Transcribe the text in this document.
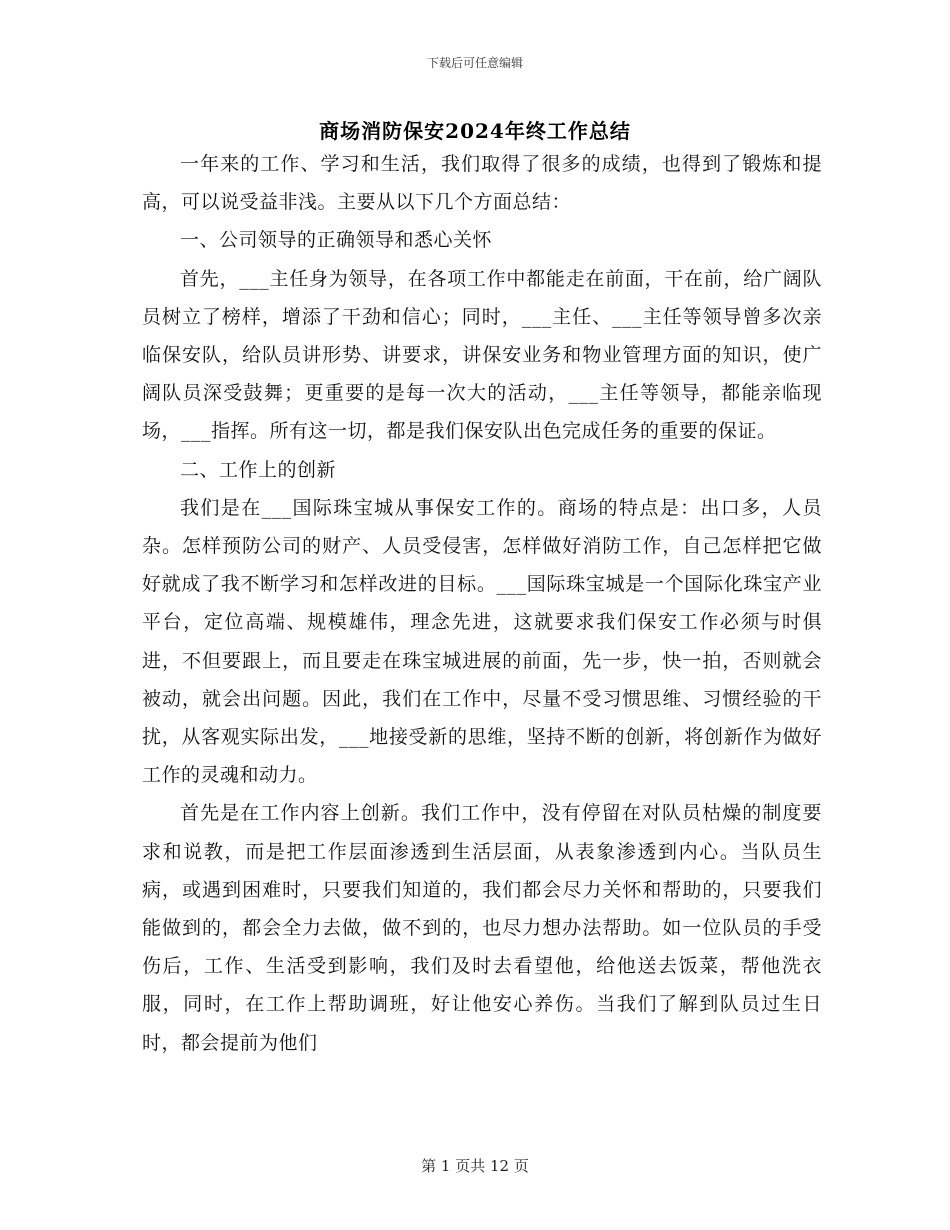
下载后可任意编辑
商场消防保安2024年终工作总结

一年来的工作、学习和生活，我们取得了很多的成绩，也得到了锻炼和提高，可以说受益非浅。主要从以下几个方面总结：

一、公司领导的正确领导和悉心关怀

首先，___主任身为领导，在各项工作中都能走在前面，干在前，给广阔队员树立了榜样，增添了干劲和信心；同时，___主任、___主任等领导曾多次亲临保安队，给队员讲形势、讲要求，讲保安业务和物业管理方面的知识，使广阔队员深受鼓舞；更重要的是每一次大的活动，___主任等领导，都能亲临现场，___指挥。所有这一切，都是我们保安队出色完成任务的重要的保证。

二、工作上的创新

我们是在___国际珠宝城从事保安工作的。商场的特点是：出口多，人员杂。怎样预防公司的财产、人员受侵害，怎样做好消防工作，自己怎样把它做好就成了我不断学习和怎样改进的目标。___国际珠宝城是一个国际化珠宝产业平台，定位高端、规模雄伟，理念先进，这就要求我们保安工作必须与时俱进，不但要跟上，而且要走在珠宝城进展的前面，先一步，快一拍，否则就会被动，就会出问题。因此，我们在工作中，尽量不受习惯思维、习惯经验的干扰，从客观实际出发，___地接受新的思维，坚持不断的创新，将创新作为做好工作的灵魂和动力。

首先是在工作内容上创新。我们工作中，没有停留在对队员枯燥的制度要求和说教，而是把工作层面渗透到生活层面，从表象渗透到内心。当队员生病，或遇到困难时，只要我们知道的，我们都会尽力关怀和帮助的，只要我们能做到的，都会全力去做，做不到的，也尽力想办法帮助。如一位队员的手受伤后，工作、生活受到影响，我们及时去看望他，给他送去饭菜，帮他洗衣服，同时，在工作上帮助调班，好让他安心养伤。当我们了解到队员过生日时，都会提前为他们

第 1 页共 12 页
